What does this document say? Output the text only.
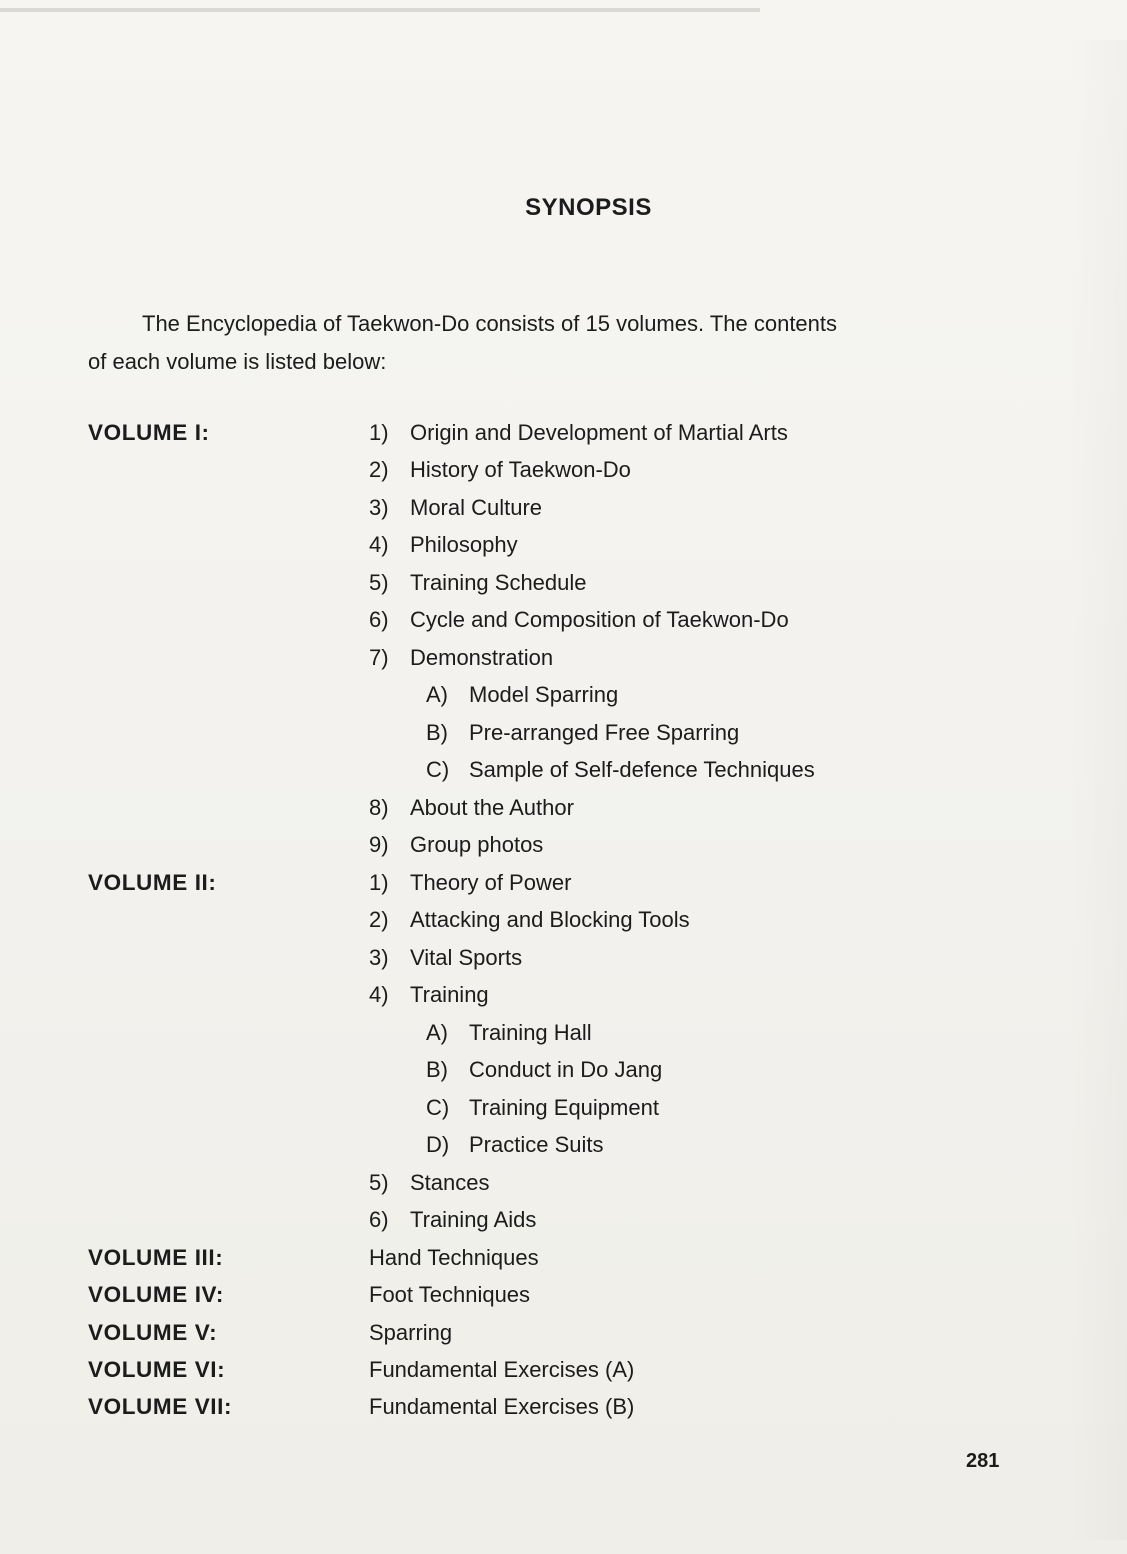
SYNOPSIS
The Encyclopedia of Taekwon-Do consists of 15 volumes. The contents
of each volume is listed below:
VOLUME I:	1) Origin and Development of Martial Arts
2) History of Taekwon-Do
3) Moral Culture
4) Philosophy
5) Training Schedule
6) Cycle and Composition of Taekwon-Do
7) Demonstration
A) Model Sparring
B) Pre-arranged Free Sparring
C) Sample of Self-defence Techniques
8) About the Author
9) Group photos
VOLUME II:	1) Theory of Power
2) Attacking and Blocking Tools
3) Vital Sports
4) Training
A) Training Hall
B) Conduct in Do Jang
C) Training Equipment
D) Practice Suits
5) Stances
6) Training Aids
VOLUME III:	Hand Techniques
VOLUME IV:	Foot Techniques
VOLUME V:	Sparring
VOLUME VI:	Fundamental Exercises (A)
VOLUME VII:	Fundamental Exercises (B)
281
